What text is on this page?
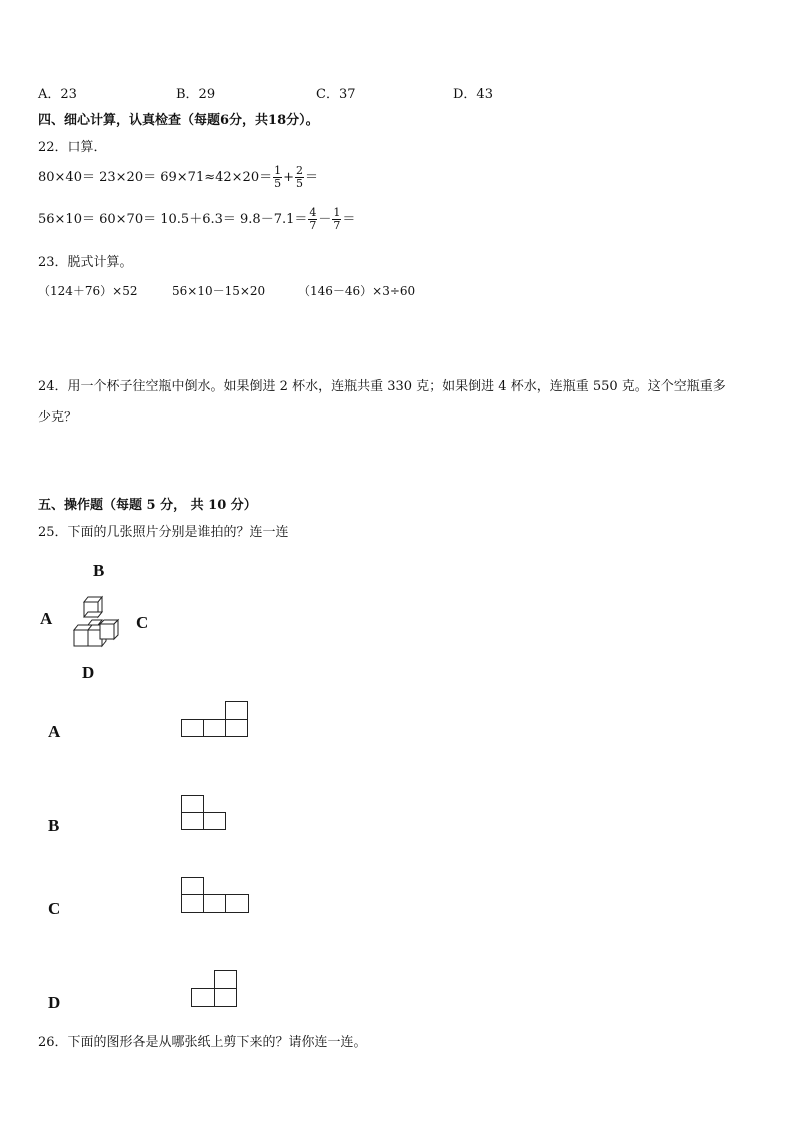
A．23	B．29	C．37	D．43
四、细心计算，认真检查（每题6分，共18分）。
22．口算．
$80\times 40= 23\times 20= 69\times 71\approx 42\times 20= \frac{1}{5} + \frac{2}{5}$ ＝
$56\times 10= 60\times 70= 10.5+6.3= 9.8-7.1= \frac{4}{7} - \frac{1}{7}$ ＝
23．脱式计算。
（124＋76）×52	56×10－15×20	（146－46）×3÷60
24．用一个杯子往空瓶中倒水。如果倒进 2 杯水，连瓶共重 330 克；如果倒进 4 杯水，连瓶重 550 克。这个空瓶重多
少克？
五、操作题（每题 5 分， 共 10 分）
25．下面的几张照片分别是谁拍的？连一连
B
A	C
D
A
B
C
D
26．下面的图形各是从哪张纸上剪下来的？请你连一连。
